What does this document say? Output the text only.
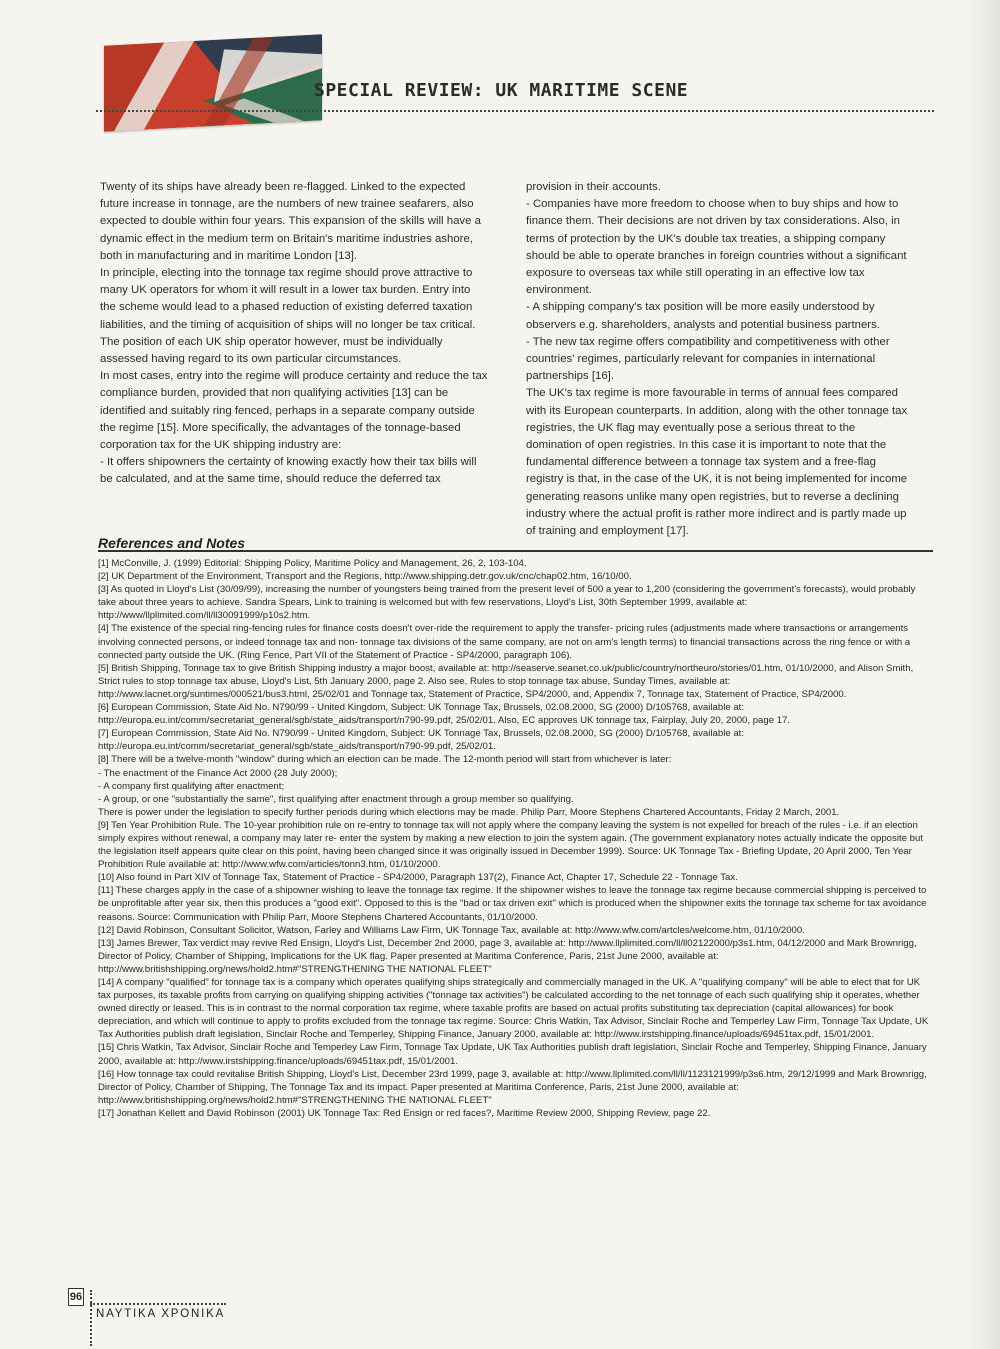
SPECIAL REVIEW: UK MARITIME SCENE

Twenty of its ships have already been re-flagged. Linked to the expected future increase in tonnage, are the numbers of new trainee seafarers, also expected to double within four years. This expansion of the skills will have a dynamic effect in the medium term on Britain's maritime industries ashore, both in manufacturing and in maritime London [13].

In principle, electing into the tonnage tax regime should prove attractive to many UK operators for whom it will result in a lower tax burden. Entry into the scheme would lead to a phased reduction of existing deferred taxation liabilities, and the timing of acquisition of ships will no longer be tax critical. The position of each UK ship operator however, must be individually assessed having regard to its own particular circumstances.

In most cases, entry into the regime will produce certainty and reduce the tax compliance burden, provided that non qualifying activities [13] can be identified and suitably ring fenced, perhaps in a separate company outside the regime [15]. More specifically, the advantages of the tonnage-based corporation tax for the UK shipping industry are:

- It offers shipowners the certainty of knowing exactly how their tax bills will be calculated, and at the same time, should reduce the deferred tax

provision in their accounts.

- Companies have more freedom to choose when to buy ships and how to finance them. Their decisions are not driven by tax considerations. Also, in terms of protection by the UK's double tax treaties, a shipping company should be able to operate branches in foreign countries without a significant exposure to overseas tax while still operating in an effective low tax environment.

- A shipping company's tax position will be more easily understood by observers e.g. shareholders, analysts and potential business partners.

- The new tax regime offers compatibility and competitiveness with other countries' regimes, particularly relevant for companies in international partnerships [16].

The UK's tax regime is more favourable in terms of annual fees compared with its European counterparts. In addition, along with the other tonnage tax registries, the UK flag may eventually pose a serious threat to the domination of open registries. In this case it is important to note that the fundamental difference between a tonnage tax system and a free-flag registry is that, in the case of the UK, it is not being implemented for income generating reasons unlike many open registries, but to reverse a declining industry where the actual profit is rather more indirect and is partly made up of training and employment [17].

References and Notes

[1] McConville, J. (1999) Editorial: Shipping Policy, Maritime Policy and Management, 26, 2, 103-104.

[2] UK Department of the Environment, Transport and the Regions, http://www.shipping.detr.gov.uk/cnc/chap02.htm, 16/10/00.

[3] As quoted in Lloyd's List (30/09/99), increasing the number of youngsters being trained from the present level of 500 a year to 1,200 (considering the government's forecasts), would probably take about three years to achieve. Sandra Spears, Link to training is welcomed but with few reservations, Lloyd's List, 30th September 1999, available at: http://www/llplimited.com/ll/ll30091999/p10s2.htm.

[4] The existence of the special ring-fencing rules for finance costs doesn't over-ride the requirement to apply the transfer- pricing rules (adjustments made where transactions or arrangements involving connected persons, or indeed tonnage tax and non- tonnage tax divisions of the same company, are not on arm's length terms) to financial transactions across the ring fence or with a connected party outside the UK. (Ring Fence, Part VII of the Statement of Practice - SP4/2000, paragraph 106).

[5] British Shipping, Tonnage tax to give British Shipping industry a major boost, available at: http://seaserve.seanet.co.uk/public/country/northeuro/stories/01.htm, 01/10/2000, and Alison Smith, Strict rules to stop tonnage tax abuse, Lloyd's List, 5th January 2000, page 2. Also see, Rules to stop tonnage tax abuse, Sunday Times, available at: http://www.lacnet.org/suntimes/000521/bus3.html, 25/02/01 and Tonnage tax, Statement of Practice, SP4/2000, and, Appendix 7, Tonnage tax, Statement of Practice, SP4/2000.

[6] European Commission, State Aid No. N790/99 - United Kingdom, Subject: UK Tonnage Tax, Brussels, 02.08.2000, SG (2000) D/105768, available at: http://europa.eu.int/comm/secretariat_general/sgb/state_aids/transport/n790-99.pdf, 25/02/01. Also, EC approves UK tonnage tax, Fairplay, July 20, 2000, page 17.

[7] European Commission, State Aid No. N790/99 - United Kingdom, Subject: UK Tonnage Tax, Brussels, 02.08.2000, SG (2000) D/105768, available at: http://europa.eu.int/comm/secretariat_general/sgb/state_aids/transport/n790-99.pdf, 25/02/01.

[8] There will be a twelve-month "window" during which an election can be made. The 12-month period will start from whichever is later:

- The enactment of the Finance Act 2000 (28 July 2000);

- A company first qualifying after enactment;

- A group, or one "substantially the same", first qualifying after enactment through a group member so qualifying.

There is power under the legislation to specify further periods during which elections may be made. Philip Parr, Moore Stephens Chartered Accountants, Friday 2 March, 2001.

[9] Ten Year Prohibition Rule. The 10-year prohibition rule on re-entry to tonnage tax will not apply where the company leaving the system is not expelled for breach of the rules - i.e. if an election simply expires without renewal, a company may later re- enter the system by making a new election to join the system again. (The government explanatory notes actually indicate the opposite but the legislation itself appears quite clear on this point, having been changed since it was originally issued in December 1999). Source: UK Tonnage Tax - Briefing Update, 20 April 2000, Ten Year Prohibition Rule available at: http://www.wfw.com/articles/tonn3.htm, 01/10/2000.

[10] Also found in Part XIV of Tonnage Tax, Statement of Practice - SP4/2000, Paragraph 137(2), Finance Act, Chapter 17, Schedule 22 - Tonnage Tax.

[11] These charges apply in the case of a shipowner wishing to leave the tonnage tax regime. If the shipowner wishes to leave the tonnage tax regime because commercial shipping is perceived to be unprofitable after year six, then this produces a "good exit". Opposed to this is the "bad or tax driven exit" which is produced when the shipowner exits the tonnage tax scheme for tax avoidance reasons. Source: Communication with Philip Parr, Moore Stephens Chartered Accountants, 01/10/2000.

[12] David Robinson, Consultant Solicitor, Watson, Farley and Williams Law Firm, UK Tonnage Tax, available at: http://www.wfw.com/artcles/welcome.htm, 01/10/2000.

[13] James Brewer, Tax verdict may revive Red Ensign, Lloyd's List, December 2nd 2000, page 3, available at: http://www.llplimited.com/ll/ll02122000/p3s1.htm, 04/12/2000 and Mark Brownrigg, Director of Policy, Chamber of Shipping, Implications for the UK flag. Paper presented at Maritima Conference, Paris, 21st June 2000, available at: http://www.britishshipping.org/news/hold2.htm#"STRENGTHENING THE NATIONAL FLEET"

[14] A company "qualified" for tonnage tax is a company which operates qualifying ships strategically and commercially managed in the UK. A "qualifying company" will be able to elect that for UK tax purposes, its taxable profits from carrying on qualifying shipping activities ("tonnage tax activities") be calculated according to the net tonnage of each such qualifying ship it operates, whether owned directly or leased. This is in contrast to the normal corporation tax regime, where taxable profits are based on actual profits substituting tax depreciation (capital allowances) for book depreciation, and which will continue to apply to profits excluded from the tonnage tax regime. Source: Chris Watkin, Tax Advisor, Sinclair Roche and Temperley Law Firm, Tonnage Tax Update, UK Tax Authorities publish draft legislation, Sinclair Roche and Temperley, Shipping Finance, January 2000, available at: http://www.irstshipping.finance/uploads/69451tax.pdf, 15/01/2001.

[15] Chris Watkin, Tax Advisor, Sinclair Roche and Temperley Law Firm, Tonnage Tax Update, UK Tax Authorities publish draft legislation, Sinclair Roche and Temperley, Shipping Finance, January 2000, available at: http://www.irstshipping.finance/uploads/69451tax.pdf, 15/01/2001.

[16] How tonnage tax could revitalise British Shipping, Lloyd's List, December 23rd 1999, page 3, available at: http://www.llplimited.com/ll/ll/1123121999/p3s6.htm, 29/12/1999 and Mark Brownrigg, Director of Policy, Chamber of Shipping, The Tonnage Tax and its impact. Paper presented at Maritima Conference, Paris, 21st June 2000, available at: http://www.britishshipping.org/news/hold2.htm#"STRENGTHENING THE NATIONAL FLEET"

[17] Jonathan Kellett and David Robinson (2001) UK Tonnage Tax: Red Ensign or red faces?, Maritime Review 2000, Shipping Review, page 22.

96
ΝΑΥΤΙΚΑ ΧΡΟΝΙΚΑ
